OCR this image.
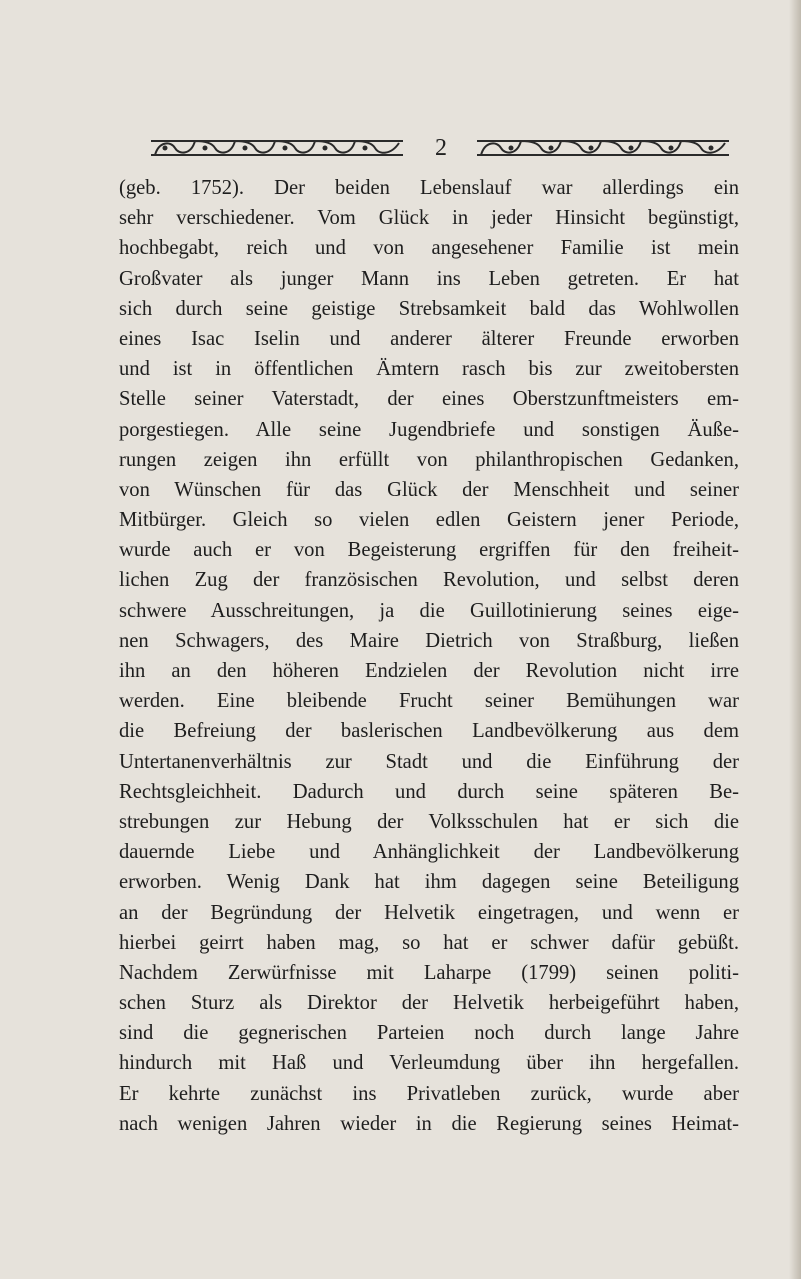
2
(geb. 1752). Der beiden Lebenslauf war allerdings ein
sehr verschiedener. Vom Glück in jeder Hinsicht begünstigt,
hochbegabt, reich und von angesehener Familie ist mein
Großvater als junger Mann ins Leben getreten. Er hat
sich durch seine geistige Strebsamkeit bald das Wohlwollen
eines Isac Iselin und anderer älterer Freunde erworben
und ist in öffentlichen Ämtern rasch bis zur zweitobersten
Stelle seiner Vaterstadt, der eines Oberstzunftmeisters em-
porgestiegen. Alle seine Jugendbriefe und sonstigen Äuße-
rungen zeigen ihn erfüllt von philanthropischen Gedanken,
von Wünschen für das Glück der Menschheit und seiner
Mitbürger. Gleich so vielen edlen Geistern jener Periode,
wurde auch er von Begeisterung ergriffen für den freiheit-
lichen Zug der französischen Revolution, und selbst deren
schwere Ausschreitungen, ja die Guillotinierung seines eige-
nen Schwagers, des Maire Dietrich von Straßburg, ließen
ihn an den höheren Endzielen der Revolution nicht irre
werden. Eine bleibende Frucht seiner Bemühungen war
die Befreiung der baslerischen Landbevölkerung aus dem
Untertanenverhältnis zur Stadt und die Einführung der
Rechtsgleichheit. Dadurch und durch seine späteren Be-
strebungen zur Hebung der Volksschulen hat er sich die
dauernde Liebe und Anhänglichkeit der Landbevölkerung
erworben. Wenig Dank hat ihm dagegen seine Beteiligung
an der Begründung der Helvetik eingetragen, und wenn er
hierbei geirrt haben mag, so hat er schwer dafür gebüßt.
Nachdem Zerwürfnisse mit Laharpe (1799) seinen politi-
schen Sturz als Direktor der Helvetik herbeigeführt haben,
sind die gegnerischen Parteien noch durch lange Jahre
hindurch mit Haß und Verleumdung über ihn hergefallen.
Er kehrte zunächst ins Privatleben zurück, wurde aber
nach wenigen Jahren wieder in die Regierung seines Heimat-
